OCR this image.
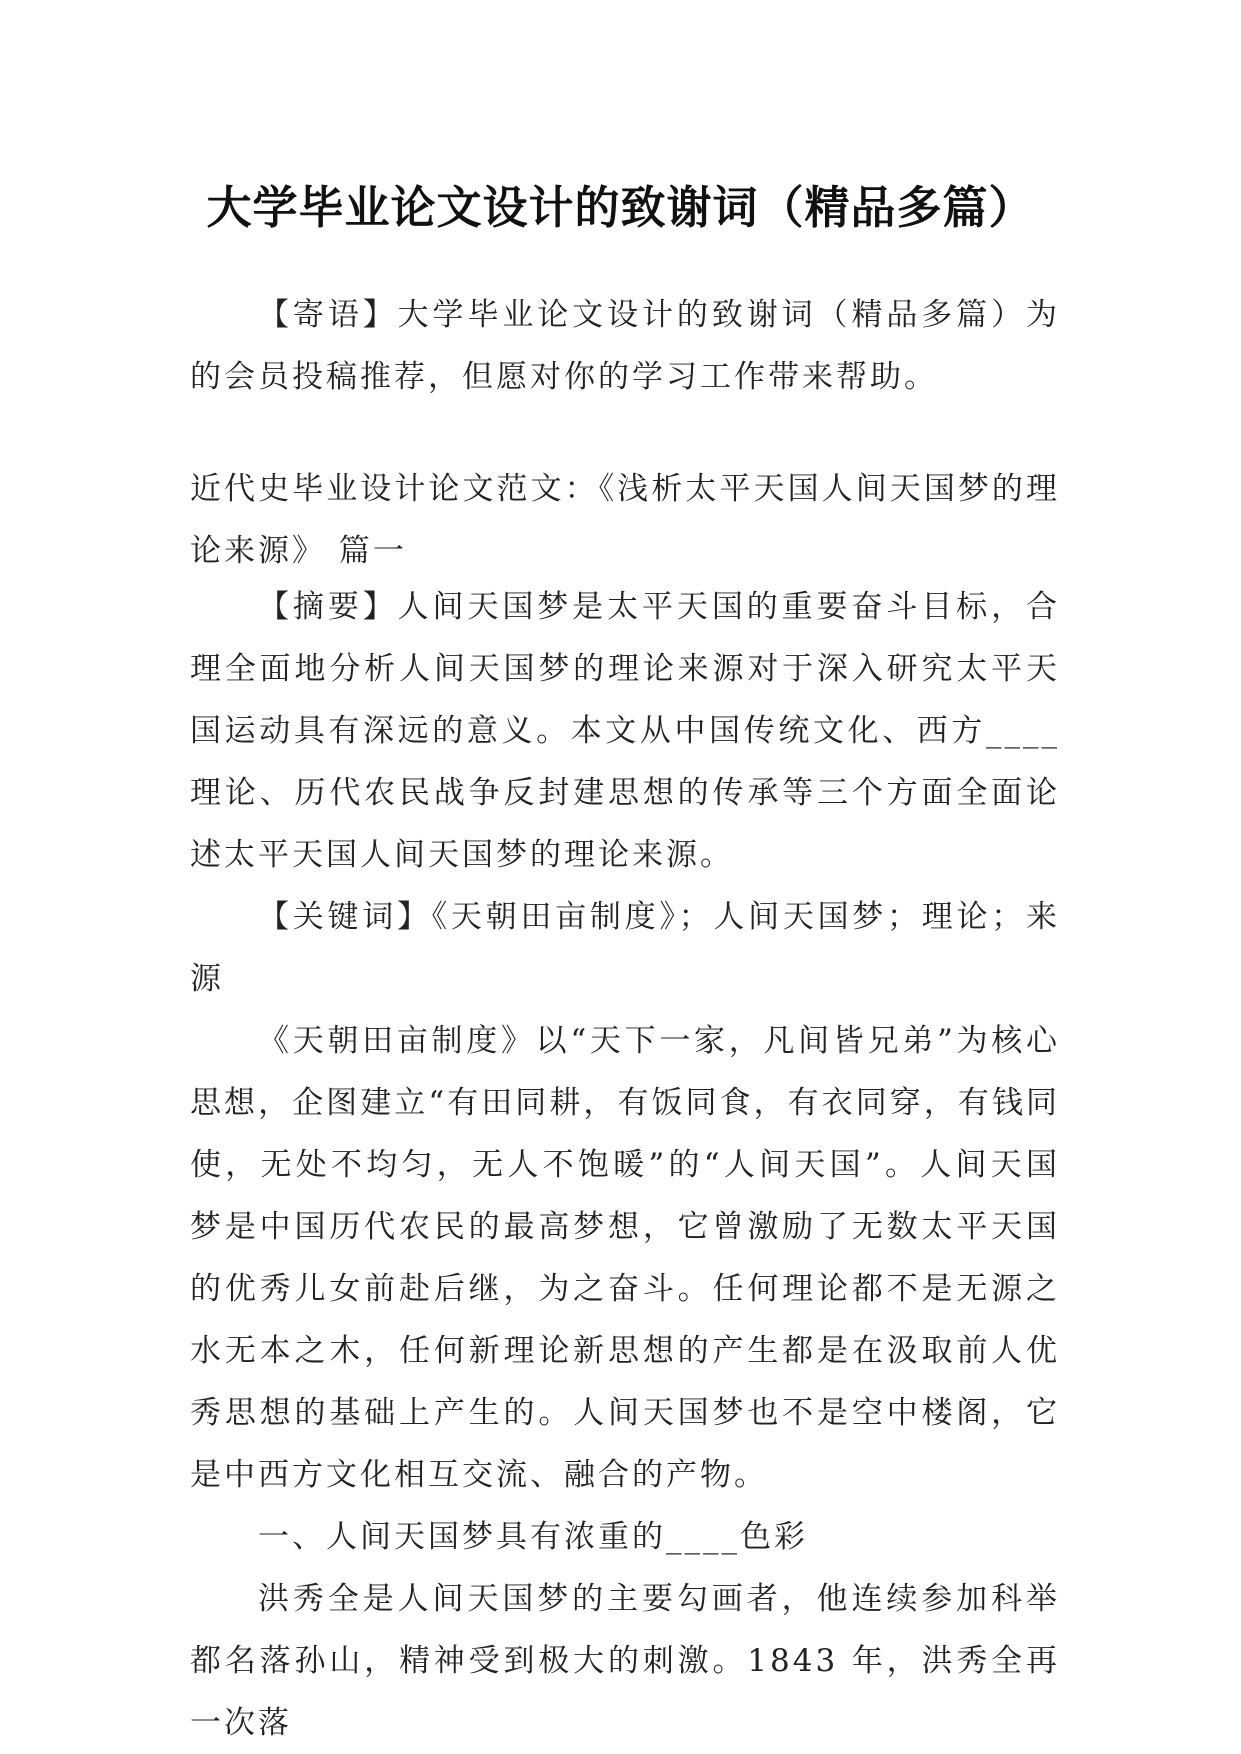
大学毕业论文设计的致谢词（精品多篇）

【寄语】大学毕业论文设计的致谢词（精品多篇）为的会员投稿推荐，但愿对你的学习工作带来帮助。

近代史毕业设计论文范文：《浅析太平天国人间天国梦的理论来源》 篇一

【摘要】人间天国梦是太平天国的重要奋斗目标，合理全面地分析人间天国梦的理论来源对于深入研究太平天国运动具有深远的意义。本文从中国传统文化、西方____理论、历代农民战争反封建思想的传承等三个方面全面论述太平天国人间天国梦的理论来源。

【关键词】《天朝田亩制度》；人间天国梦；理论；来源

《天朝田亩制度》以“天下一家，凡间皆兄弟”为核心思想，企图建立“有田同耕，有饭同食，有衣同穿，有钱同使，无处不均匀，无人不饱暖”的“人间天国”。人间天国梦是中国历代农民的最高梦想，它曾激励了无数太平天国的优秀儿女前赴后继，为之奋斗。任何理论都不是无源之水无本之木，任何新理论新思想的产生都是在汲取前人优秀思想的基础上产生的。人间天国梦也不是空中楼阁，它是中西方文化相互交流、融合的产物。

一、人间天国梦具有浓重的____色彩

洪秀全是人间天国梦的主要勾画者，他连续参加科举都名落孙山，精神受到极大的刺激。1843 年，洪秀全再一次落
